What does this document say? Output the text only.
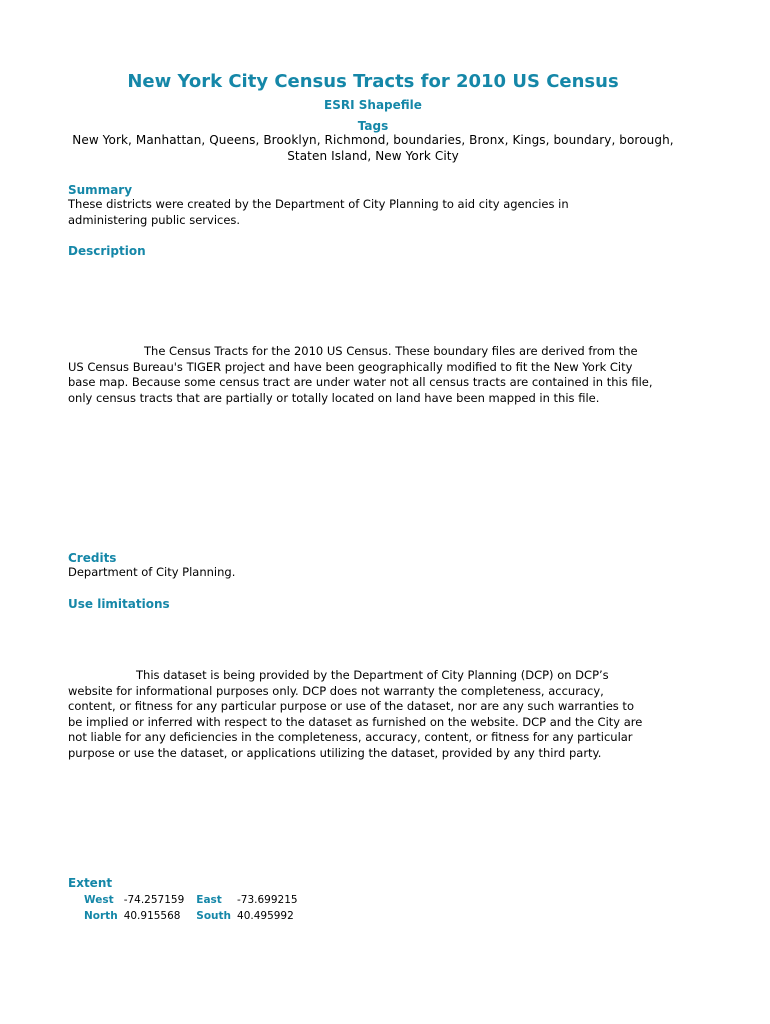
New York City Census Tracts for 2010 US Census
ESRI Shapefile
Tags
New York, Manhattan, Queens, Brooklyn, Richmond, boundaries, Bronx, Kings, boundary, borough, Staten Island, New York City
Summary
These districts were created by the Department of City Planning to aid city agencies in administering public services.
Description
The Census Tracts for the 2010 US Census. These boundary files are derived from the US Census Bureau's TIGER project and have been geographically modified to fit the New York City base map. Because some census tract are under water not all census tracts are contained in this file, only census tracts that are partially or totally located on land have been mapped in this file.
Credits
Department of City Planning.
Use limitations
This dataset is being provided by the Department of City Planning (DCP) on DCP’s website for informational purposes only. DCP does not warranty the completeness, accuracy, content, or fitness for any particular purpose or use of the dataset, nor are any such warranties to be implied or inferred with respect to the dataset as furnished on the website. DCP and the City are not liable for any deficiencies in the completeness, accuracy, content, or fitness for any particular purpose or use the dataset, or applications utilizing the dataset, provided by any third party.
Extent
West	-74.257159	East	-73.699215
North	40.915568	South	40.495992
